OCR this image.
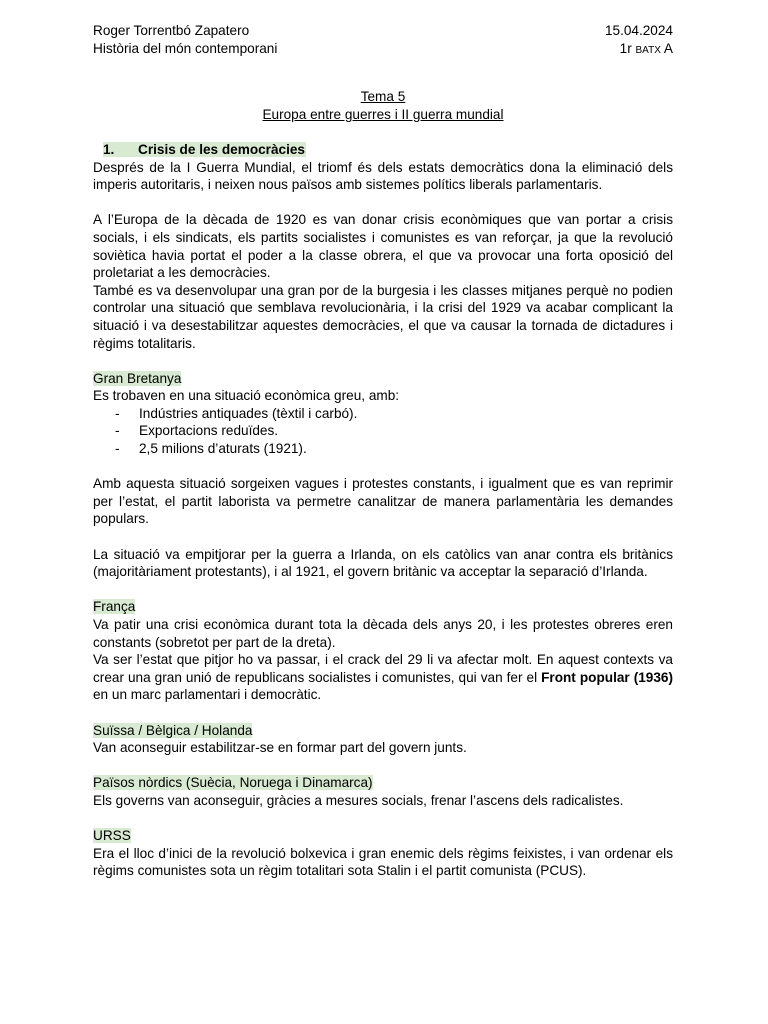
Roger Torrentbó Zapatero	15.04.2024
Història del món contemporani	1r batx A
Tema 5
Europa entre guerres i II guerra mundial
1. Crisis de les democràcies

Després de la I Guerra Mundial, el triomf és dels estats democràtics dona la eliminació dels imperis autoritaris, i neixen nous països amb sistemes polítics liberals parlamentaris.

A l’Europa de la dècada de 1920 es van donar crisis econòmiques que van portar a crisis socials, i els sindicats, els partits socialistes i comunistes es van reforçar, ja que la revolució soviètica havia portat el poder a la classe obrera, el que va provocar una forta oposició del proletariat a les democràcies.

També es va desenvolupar una gran por de la burgesia i les classes mitjanes perquè no podien controlar una situació que semblava revolucionària, i la crisi del 1929 va acabar complicant la situació i va desestabilitzar aquestes democràcies, el que va causar la tornada de dictadures i règims totalitaris.

Gran Bretanya

Es trobaven en una situació econòmica greu, amb:

- Indústries antiquades (tèxtil i carbó).
- Exportacions reduïdes.
- 2,5 milions d’aturats (1921).

Amb aquesta situació sorgeixen vagues i protestes constants, i igualment que es van reprimir per l’estat, el partit laborista va permetre canalitzar de manera parlamentària les demandes populars.

La situació va empitjorar per la guerra a Irlanda, on els catòlics van anar contra els britànics (majoritàriament protestants), i al 1921, el govern britànic va acceptar la separació d’Irlanda.

França

Va patir una crisi econòmica durant tota la dècada dels anys 20, i les protestes obreres eren constants (sobretot per part de la dreta).

Va ser l’estat que pitjor ho va passar, i el crack del 29 li va afectar molt. En aquest contexts va crear una gran unió de republicans socialistes i comunistes, qui van fer el Front popular (1936) en un marc parlamentari i democràtic.

Suïssa / Bèlgica / Holanda

Van aconseguir estabilitzar-se en formar part del govern junts.

Països nòrdics (Suècia, Noruega i Dinamarca)

Els governs van aconseguir, gràcies a mesures socials, frenar l’ascens dels radicalistes.

URSS

Era el lloc d’inici de la revolució bolxevica i gran enemic dels règims feixistes, i van ordenar els règims comunistes sota un règim totalitari sota Stalin i el partit comunista (PCUS).
